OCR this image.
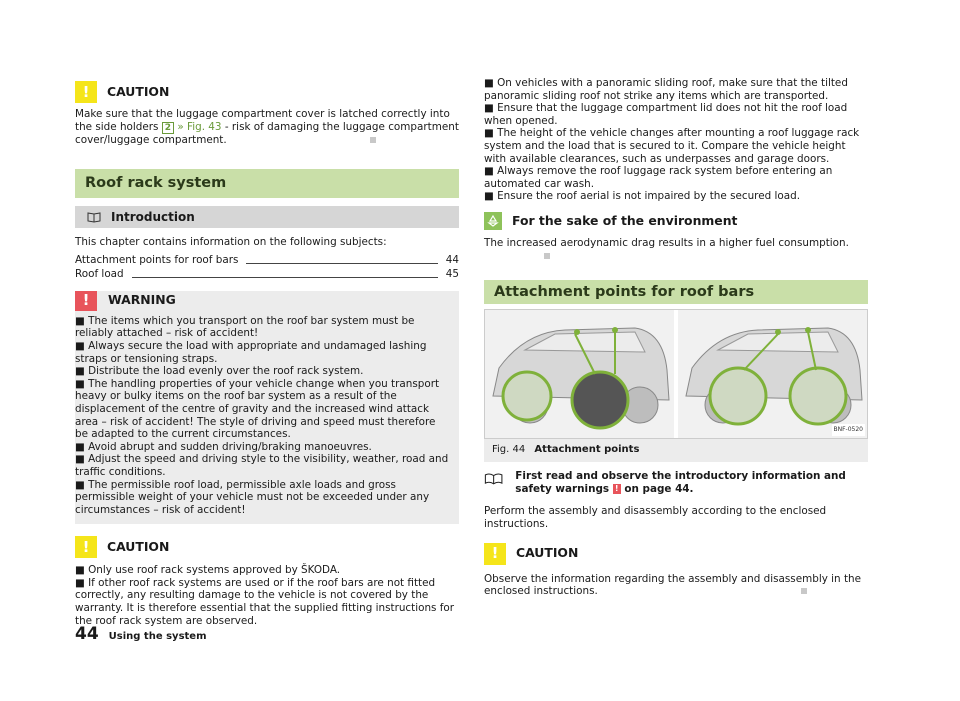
!	CAUTION

Make sure that the luggage compartment cover is latched correctly into the side holders 2 » Fig. 43 - risk of damaging the luggage compartment cover/luggage compartment.

Roof rack system
Introduction

This chapter contains information on the following subjects:

Attachment points for roof bars	44
Roof load	45
!	WARNING

■ The items which you transport on the roof bar system must be reliably attached – risk of accident!

■ Always secure the load with appropriate and undamaged lashing straps or tensioning straps.

■ Distribute the load evenly over the roof rack system.

■ The handling properties of your vehicle change when you transport heavy or bulky items on the roof bar system as a result of the displacement of the centre of gravity and the increased wind attack area – risk of accident! The style of driving and speed must therefore be adapted to the current circumstances.

■ Avoid abrupt and sudden driving/braking manoeuvres.

■ Adjust the speed and driving style to the visibility, weather, road and traffic conditions.

■ The permissible roof load, permissible axle loads and gross permissible weight of your vehicle must not be exceeded under any circumstances – risk of accident!

!	CAUTION

■ Only use roof rack systems approved by ŠKODA.

■ If other roof rack systems are used or if the roof bars are not fitted correctly, any resulting damage to the vehicle is not covered by the warranty. It is therefore essential that the supplied fitting instructions for the roof rack system are observed.

■ On vehicles with a panoramic sliding roof, make sure that the tilted panoramic sliding roof not strike any items which are transported.

■ Ensure that the luggage compartment lid does not hit the roof load when opened.

■ The height of the vehicle changes after mounting a roof luggage rack system and the load that is secured to it. Compare the vehicle height with available clearances, such as underpasses and garage doors.

■ Always remove the roof luggage rack system before entering an automated car wash.

■ Ensure the roof aerial is not impaired by the secured load.

For the sake of the environment

The increased aerodynamic drag results in a higher fuel consumption.

Attachment points for roof bars
BNF-0520
Fig. 44 Attachment points
First read and observe the introductory information and safety warnings ! on page 44.

Perform the assembly and disassembly according to the enclosed instructions.

!	CAUTION

Observe the information regarding the assembly and disassembly in the enclosed instructions.

44 Using the system
